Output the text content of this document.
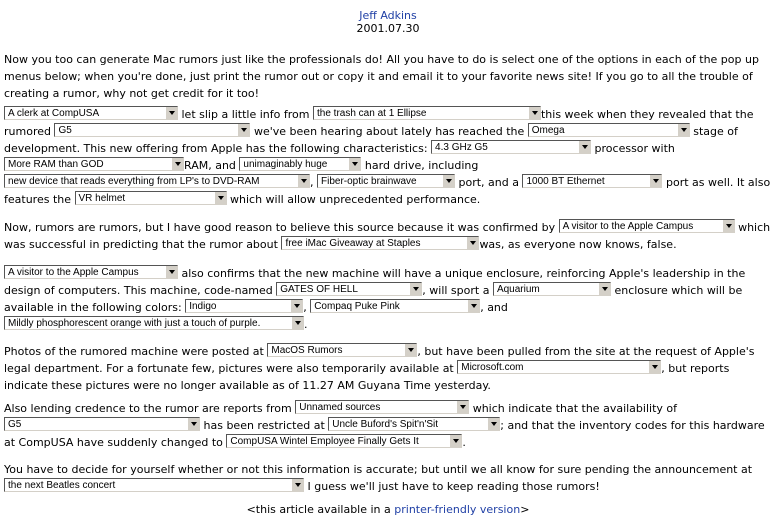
Jeff Adkins
2001.07.30

Now you too can generate Mac rumors just like the professionals do! All you have to do is select one of the options in each of the pop up menus below; when you're done, just print the rumor out or copy it and email it to your favorite news site! If you go to all the trouble of creating a rumor, why not get credit for it too!

A clerk at CompUSA	let slip a little info from the trash can at 1 Ellipse	this week when they revealed that the rumored G5	we've been hearing about lately has reached the Omega	stage of development. This new offering from Apple has the following characteristics: 4.3 GHz G5	processor with More RAM than GOD	RAM, and unimaginably huge	hard drive, including new device that reads everything from LP's to DVD-RAM	, Fiber-optic brainwave	port, and a 1000 BT Ethernet	port as well. It also features the VR helmet	which will allow unprecedented performance.

Now, rumors are rumors, but I have good reason to believe this source because it was confirmed by A visitor to the Apple Campus	which was successful in predicting that the rumor about free iMac Giveaway at Staples	was, as everyone now knows, false.

A visitor to the Apple Campus	also confirms that the new machine will have a unique enclosure, reinforcing Apple's leadership in the design of computers. This machine, code-named GATES OF HELL	, will sport a Aquarium	enclosure which will be available in the following colors: Indigo	, Compaq Puke Pink	, and Mildly phosphorescent orange with just a touch of purple.	.

Photos of the rumored machine were posted at MacOS Rumors	, but have been pulled from the site at the request of Apple's legal department. For a fortunate few, pictures were also temporarily available at Microsoft.com	, but reports indicate these pictures were no longer available as of 11.27 AM Guyana Time yesterday.

Also lending credence to the rumor are reports from Unnamed sources	which indicate that the availability of G5	has been restricted at Uncle Buford's Spit'n'Sit	; and that the inventory codes for this hardware at CompUSA have suddenly changed to CompUSA Wintel Employee Finally Gets It	.

You have to decide for yourself whether or not this information is accurate; but until we all know for sure pending the announcement atthe next Beatles concert	I guess we'll just have to keep reading those rumors!

<this article available in a printer-friendly version>
